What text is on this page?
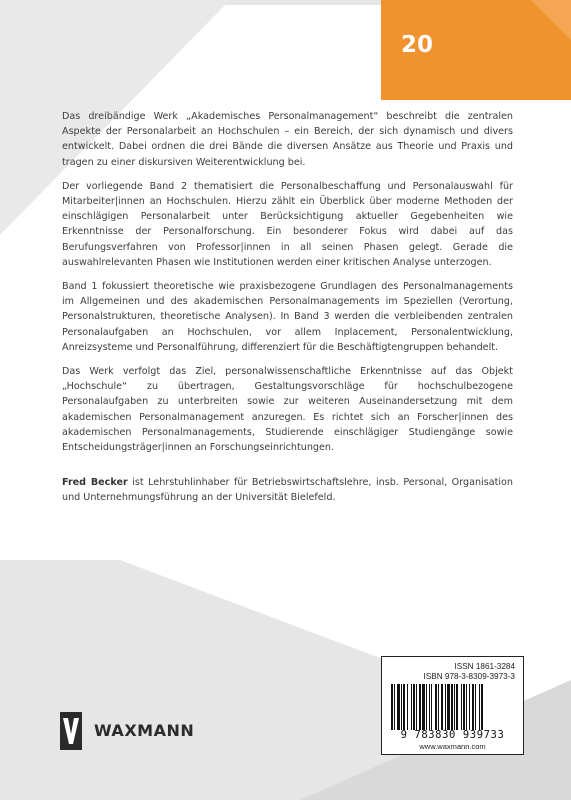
20

Das dreibändige Werk „Akademisches Personalmanagement“ beschreibt die zentralen Aspekte der Personalarbeit an Hochschulen – ein Bereich, der sich dynamisch und divers entwickelt. Dabei ordnen die drei Bände die diversen Ansätze aus Theorie und Praxis und tragen zu einer diskursiven Weiterentwicklung bei.

Der vorliegende Band 2 thematisiert die Personalbeschaffung und Personalauswahl für Mitarbeiter|innen an Hochschulen. Hierzu zählt ein Überblick über moderne Methoden der einschlägigen Personalarbeit unter Berücksichtigung aktueller Gegebenheiten wie Erkenntnisse der Personalforschung. Ein besonderer Fokus wird dabei auf das Berufungsverfahren von Professor|innen in all seinen Phasen gelegt. Gerade die auswahlrelevanten Phasen wie Institutionen werden einer kritischen Analyse unterzogen.

Band 1 fokussiert theoretische wie praxisbezogene Grundlagen des Personalmanagements im Allgemeinen und des akademischen Personalmanagements im Speziellen (Verortung, Personalstrukturen, theoretische Analysen). In Band 3 werden die verbleibenden zentralen Personalaufgaben an Hochschulen, vor allem Inplacement, Personalentwicklung, Anreizsysteme und Personalführung, differenziert für die Beschäftigtengruppen behandelt.

Das Werk verfolgt das Ziel, personalwissenschaftliche Erkenntnisse auf das Objekt „Hochschule“ zu übertragen, Gestaltungsvorschläge für hochschulbezogene Personalaufgaben zu unterbreiten sowie zur weiteren Auseinandersetzung mit dem akademischen Personalmanagement anzuregen. Es richtet sich an Forscher|innen des akademischen Personalmanagements, Studierende einschlägiger Studiengänge sowie Entscheidungsträger|innen an Forschungseinrichtungen.

Fred Becker ist Lehrstuhlinhaber für Betriebswirtschaftslehre, insb. Personal, Organisation und Unternehmungsführung an der Universität Bielefeld.

ISSN 1861-3284
ISBN 978-3-8309-3973-3
9 783830 939733
www.waxmann.com
WAXMANN
